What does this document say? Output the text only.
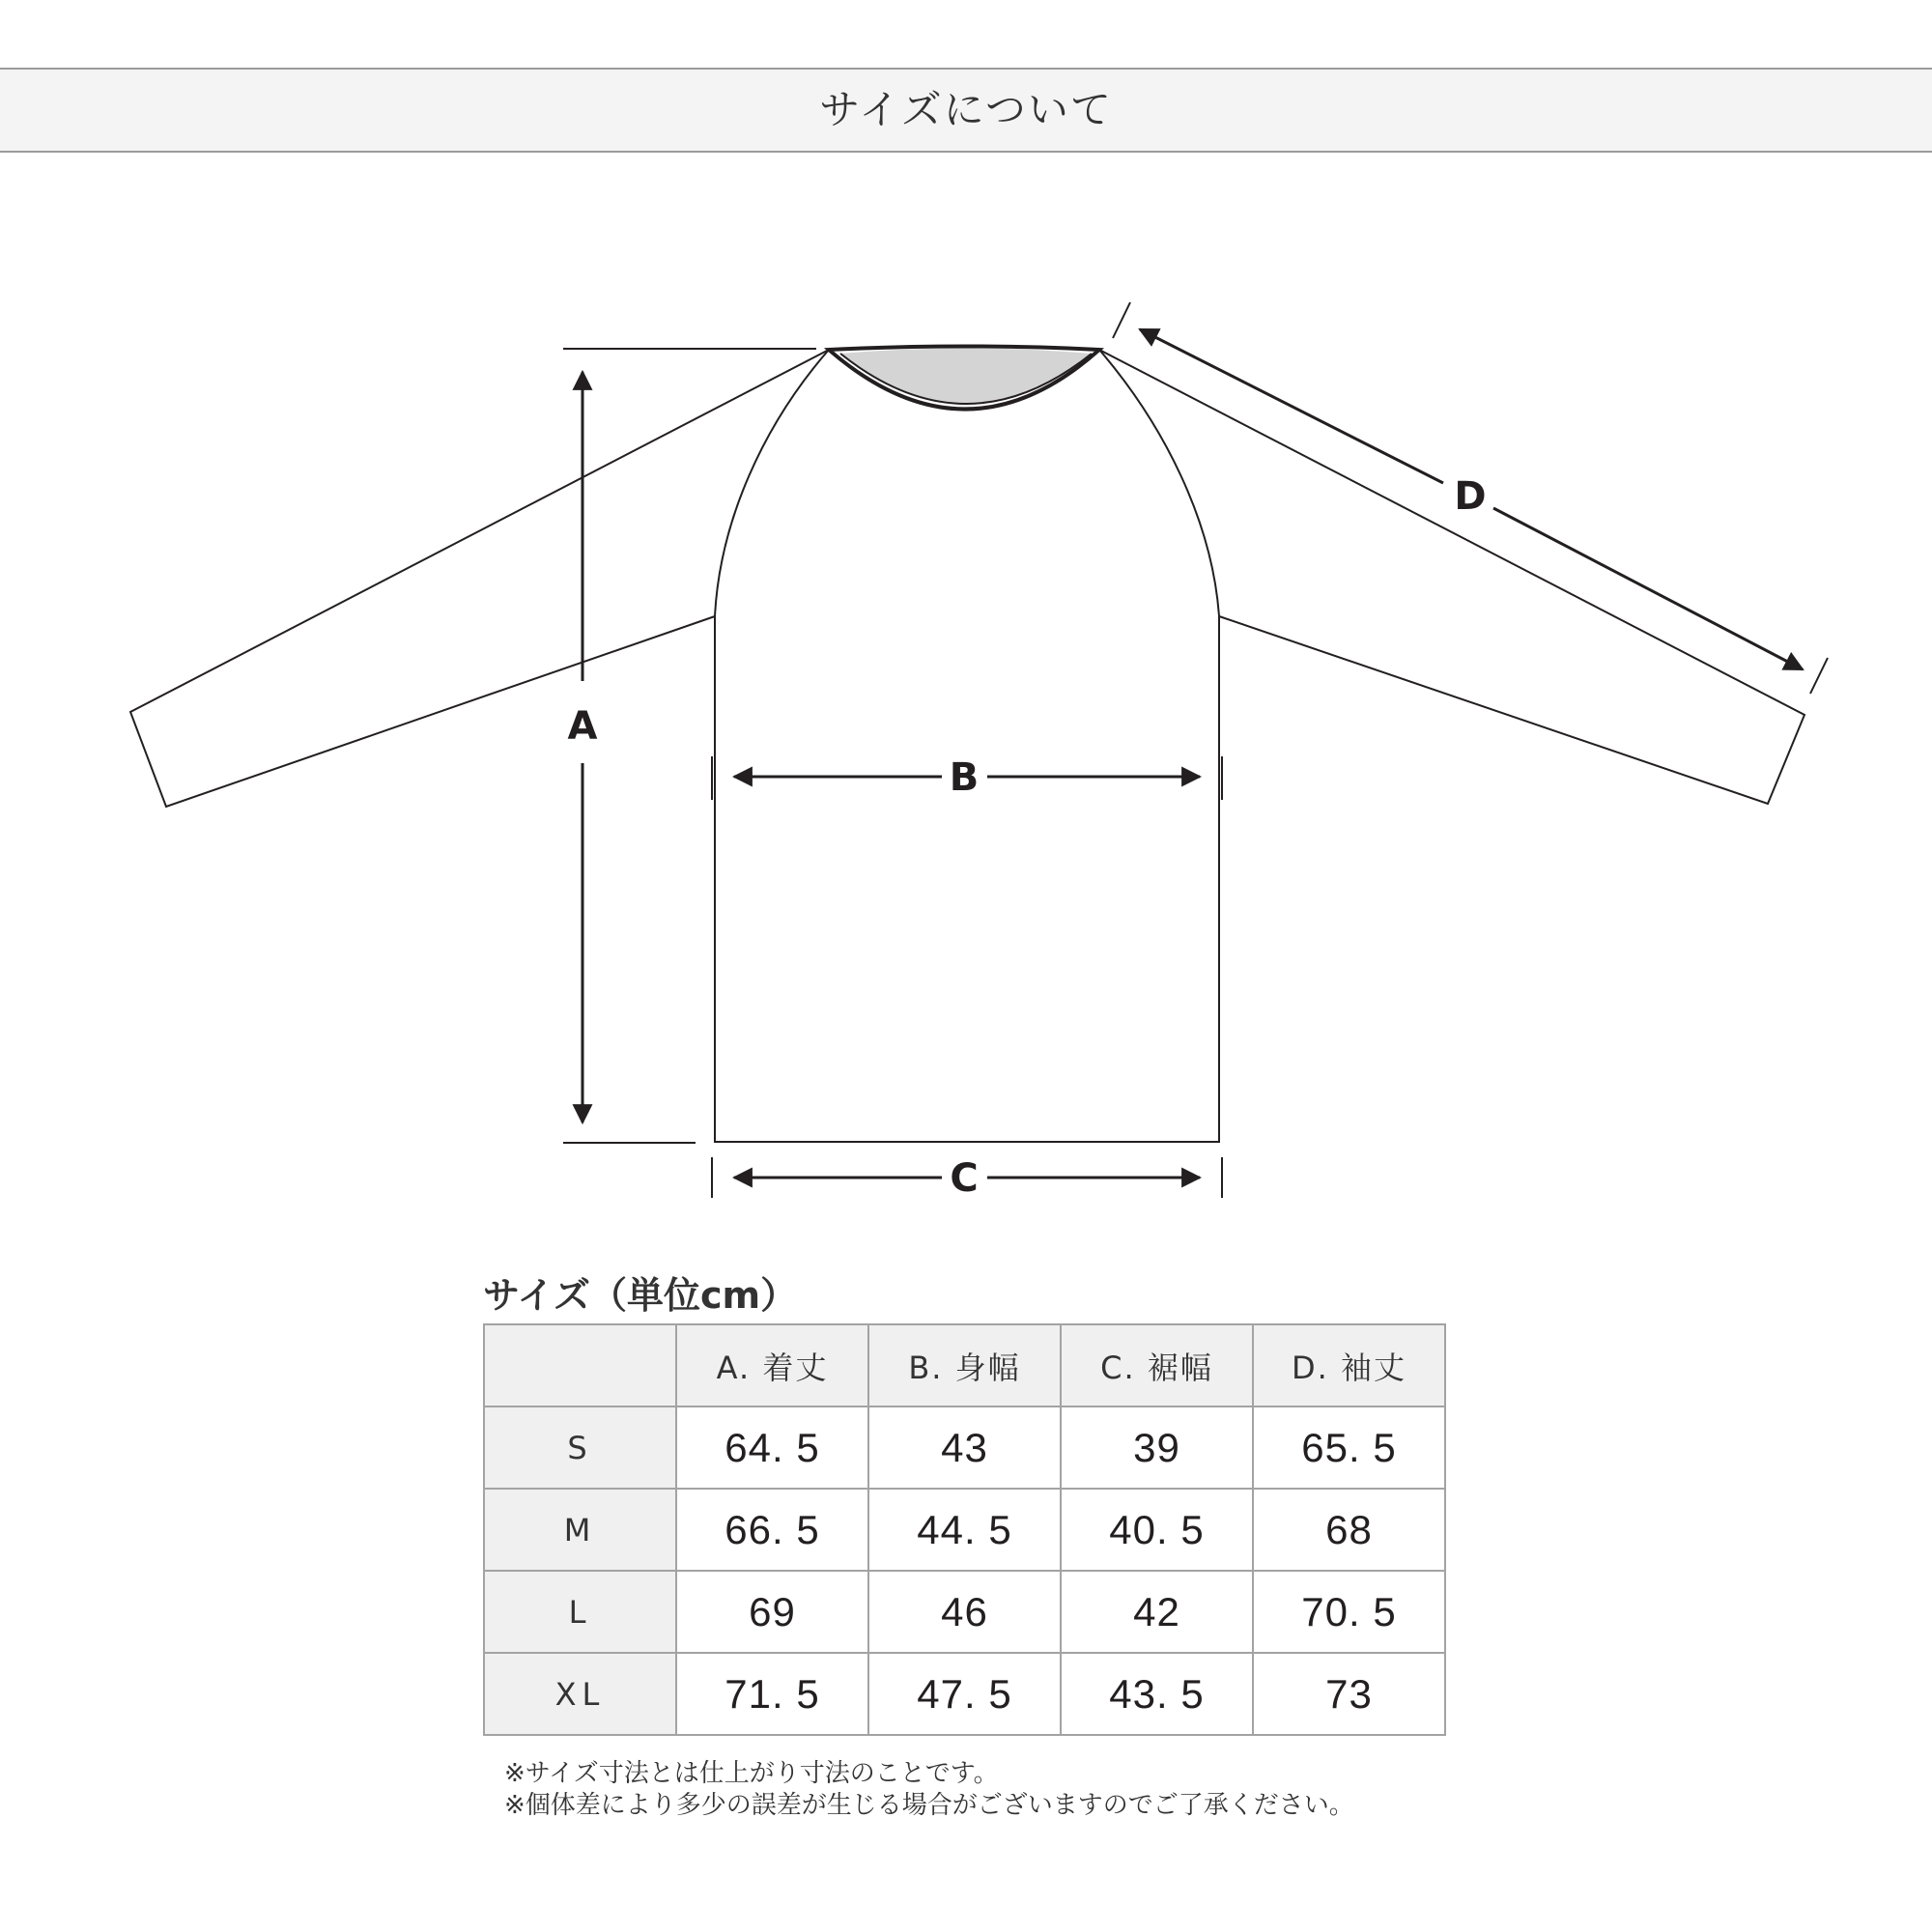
サイズについて
A
B
C
D
サイズ（単位cm）
	A. 着丈	B. 身幅	C. 裾幅	D. 袖丈
S	64. 5	43	39	65. 5
M	66. 5	44. 5	40. 5	68
L	69	46	42	70. 5
XL	71. 5	47. 5	43. 5	73
※サイズ寸法とは仕上がり寸法のことです。
※個体差により多少の誤差が生じる場合がございますのでご了承ください。
